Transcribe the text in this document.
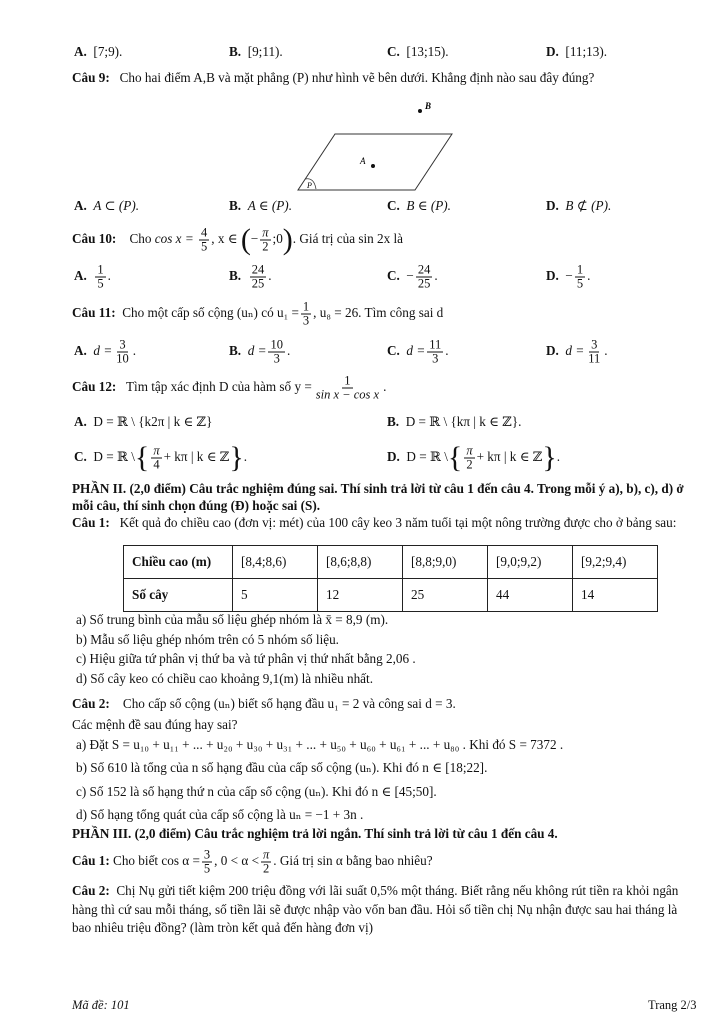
A. [7;9).	B. [9;11).	C. [13;15).	D. [11;13).
Câu 9: Cho hai điểm A,B và mặt phẳng (P) như hình vẽ bên dưới. Khẳng định nào sau đây đúng?
P
A
B
A. A ⊂ (P).	B. A ∈ (P).	C. B ∈ (P).	D. B ⊄ (P).
Câu 10: Cho $\cos x = \frac{4}{5}$ , x ∈ (− $\frac{\pi}{2}$ ;0). Giá trị của sin 2x là
A. $\frac{1}{5}$ .	B. $\frac{24}{25}$ .	C. − $\frac{24}{25}$ .	D. − $\frac{1}{5}$ .
Câu 11: Cho một cấp số cộng (uₙ) có $u_1 = \frac{1}{3}$ , u₈ = 26. Tìm công sai d
A. $d = \frac{3}{10}$ .	B. $d = \frac{10}{3}$ .	C. $d = \frac{11}{3}$ .	D. $d = \frac{3}{11}$ .
Câu 12: Tìm tập xác định D của hàm số $y = \frac{1}{\text{sin x − cos x}}$ .
A. D = ℝ \ {k2π | k ∈ ℤ}	B. D = ℝ \ {kπ | k ∈ ℤ}.
C. D = ℝ \{ $\frac{\pi}{4} + k\pi$ | k ∈ ℤ}.	D. D = ℝ \{ $\frac{\pi}{2} + k\pi$ | k ∈ ℤ}.
PHẦN II. (2,0 điểm) Câu trắc nghiệm đúng sai. Thí sinh trả lời từ câu 1 đến câu 4. Trong mỗi ý a), b), c), d) ở mỗi câu, thí sinh chọn đúng (Đ) hoặc sai (S).
Câu 1: Kết quả đo chiều cao (đơn vị: mét) của 100 cây keo 3 năm tuổi tại một nông trường được cho ở bảng sau:
Chiều cao (m)	[8,4;8,6)	[8,6;8,8)	[8,8;9,0)	[9,0;9,2)	[9,2;9,4)
Số cây	5	12	25	44	14
a) Số trung bình của mẫu số liệu ghép nhóm là x̄ = 8,9 (m).
b) Mẫu số liệu ghép nhóm trên có 5 nhóm số liệu.
c) Hiệu giữa tứ phân vị thứ ba và tứ phân vị thứ nhất bằng 2,06 .
d) Số cây keo có chiều cao khoảng 9,1(m) là nhiều nhất.
Câu 2: Cho cấp số cộng (uₙ) biết số hạng đầu u₁ = 2 và công sai d = 3.
Các mệnh đề sau đúng hay sai?
a) Đặt S = u₁₀ + u₁₁ + ... + u₂₀ + u₃₀ + u₃₁ + ... + u₅₀ + u₆₀ + u₆₁ + ... + u₈₀ . Khi đó S = 7372 .
b) Số 610 là tổng của n số hạng đầu của cấp số cộng (uₙ). Khi đó n ∈ [18;22].
c) Số 152 là số hạng thứ n của cấp số cộng (uₙ). Khi đó n ∈ [45;50].
d) Số hạng tổng quát của cấp số cộng là uₙ = −1 + 3n .
PHẦN III. (2,0 điểm) Câu trắc nghiệm trả lời ngắn. Thí sinh trả lời từ câu 1 đến câu 4.
Câu 1: Cho biết $\cos \alpha = \frac{3}{5}$ , $0 < \alpha < \frac{\pi}{2}$ . Giá trị sin α bằng bao nhiêu?
Câu 2: Chị Nụ gửi tiết kiệm 200 triệu đồng với lãi suất 0,5% một tháng. Biết rằng nếu không rút tiền ra khỏi ngân hàng thì cứ sau mỗi tháng, số tiền lãi sẽ được nhập vào vốn ban đầu. Hỏi số tiền chị Nụ nhận được sau hai tháng là bao nhiêu triệu đồng? (làm tròn kết quả đến hàng đơn vị)
Mã đề: 101	Trang 2/3
